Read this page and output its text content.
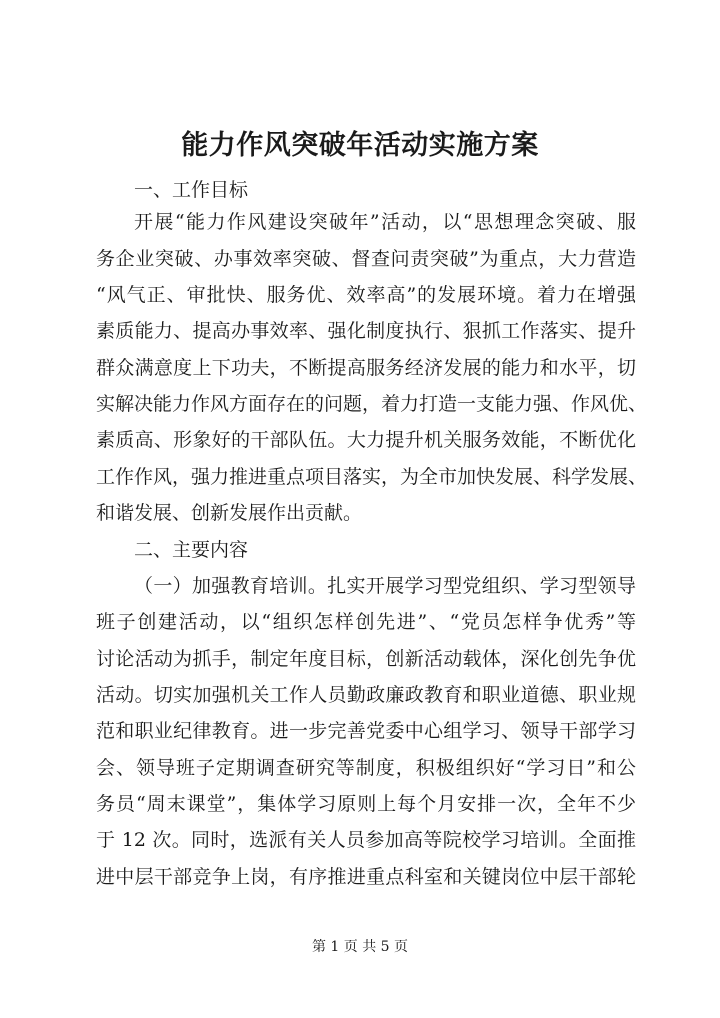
能力作风突破年活动实施方案
一、工作目标
开展“能力作风建设突破年”活动，以“思想理念突破、服
务企业突破、办事效率突破、督查问责突破”为重点，大力营造
“风气正、审批快、服务优、效率高”的发展环境。着力在增强
素质能力、提高办事效率、强化制度执行、狠抓工作落实、提升
群众满意度上下功夫，不断提高服务经济发展的能力和水平，切
实解决能力作风方面存在的问题，着力打造一支能力强、作风优、
素质高、形象好的干部队伍。大力提升机关服务效能，不断优化
工作作风，强力推进重点项目落实，为全市加快发展、科学发展、
和谐发展、创新发展作出贡献。
二、主要内容
（一）加强教育培训。扎实开展学习型党组织、学习型领导
班子创建活动，以“组织怎样创先进”、“党员怎样争优秀”等
讨论活动为抓手，制定年度目标，创新活动载体，深化创先争优
活动。切实加强机关工作人员勤政廉政教育和职业道德、职业规
范和职业纪律教育。进一步完善党委中心组学习、领导干部学习
会、领导班子定期调查研究等制度，积极组织好“学习日”和公
务员“周末课堂”，集体学习原则上每个月安排一次，全年不少
于 12 次。同时，选派有关人员参加高等院校学习培训。全面推
进中层干部竞争上岗，有序推进重点科室和关键岗位中层干部轮
第 1 页 共 5 页
